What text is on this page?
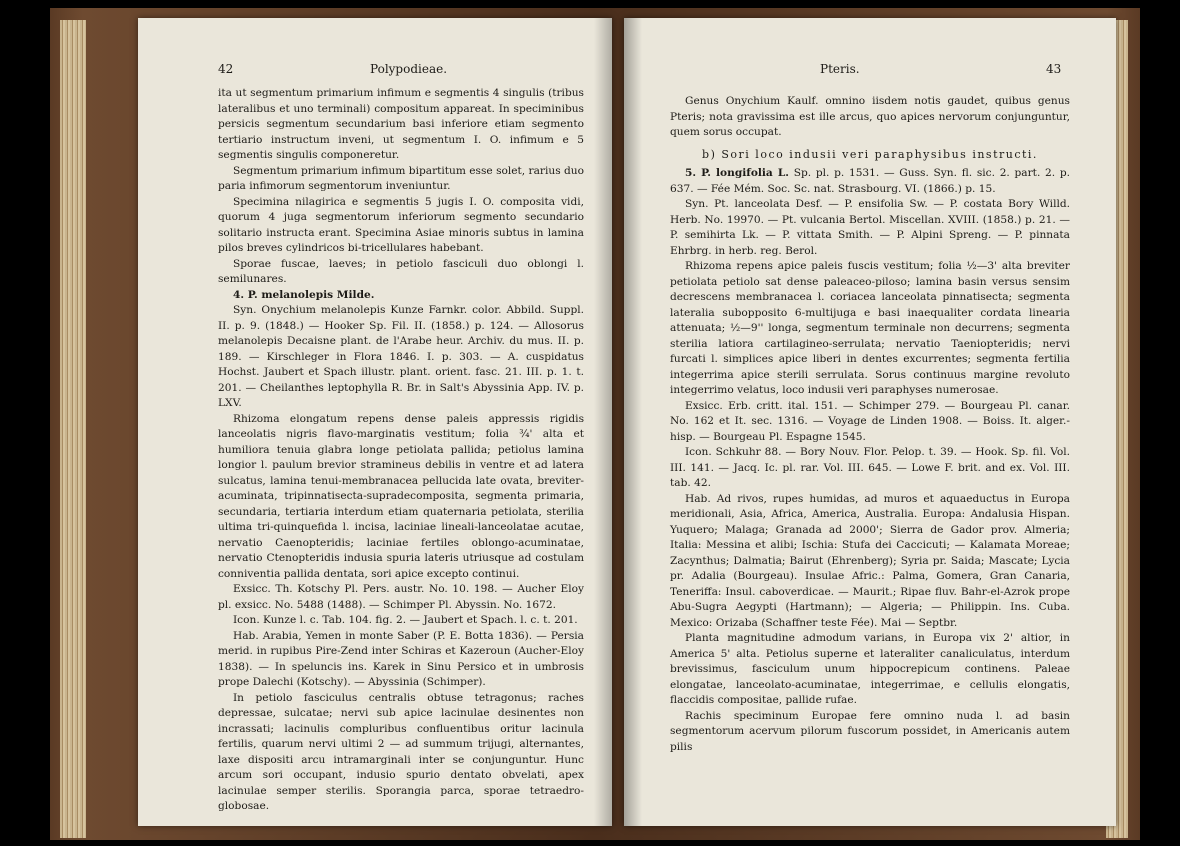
42	Polypodieae.

ita ut segmentum primarium infimum e segmentis 4 singulis (tribus lateralibus et uno terminali) compositum appareat. In speciminibus persicis segmentum secundarium basi inferiore etiam segmento tertiario instructum inveni, ut segmentum I. O. infimum e 5 segmentis singulis componeretur.

Segmentum primarium infimum bipartitum esse solet, rarius duo paria infimorum segmentorum inveniuntur.

Specimina nilagirica e segmentis 5 jugis I. O. composita vidi, quorum 4 juga segmentorum inferiorum segmento secundario solitario instructa erant. Specimina Asiae minoris subtus in lamina pilos breves cylindricos bi-tricellulares habebant.

Sporae fuscae, laeves; in petiolo fasciculi duo oblongi l. semilunares.

4. P. melanolepis Milde.

Syn. Onychium melanolepis Kunze Farnkr. color. Abbild. Suppl. II. p. 9. (1848.) — Hooker Sp. Fil. II. (1858.) p. 124. — Allosorus melanolepis Decaisne plant. de l'Arabe heur. Archiv. du mus. II. p. 189. — Kirschleger in Flora 1846. I. p. 303. — A. cuspidatus Hochst. Jaubert et Spach illustr. plant. orient. fasc. 21. III. p. 1. t. 201. — Cheilanthes leptophylla R. Br. in Salt's Abyssinia App. IV. p. LXV.

Rhizoma elongatum repens dense paleis appressis rigidis lanceolatis nigris flavo-marginatis vestitum; folia ¾' alta et humiliora tenuia glabra longe petiolata pallida; petiolus lamina longior l. paulum brevior stramineus debilis in ventre et ad latera sulcatus, lamina tenui-membranacea pellucida late ovata, breviter-acuminata, tripinnatisecta-supradecomposita, segmenta primaria, secundaria, tertiaria interdum etiam quaternaria petiolata, sterilia ultima tri-quinquefida l. incisa, laciniae lineali-lanceolatae acutae, nervatio Caenopteridis; laciniae fertiles oblongo-acuminatae, nervatio Ctenopteridis indusia spuria lateris utriusque ad costulam conniventia pallida dentata, sori apice excepto continui.

Exsicc. Th. Kotschy Pl. Pers. austr. No. 10. 198. — Aucher Eloy pl. exsicc. No. 5488 (1488). — Schimper Pl. Abyssin. No. 1672.

Icon. Kunze l. c. Tab. 104. fig. 2. — Jaubert et Spach. l. c. t. 201.

Hab. Arabia, Yemen in monte Saber (P. E. Botta 1836). — Persia merid. in rupibus Pire-Zend inter Schiras et Kazeroun (Aucher-Eloy 1838). — In speluncis ins. Karek in Sinu Persico et in umbrosis prope Dalechi (Kotschy). — Abyssinia (Schimper).

In petiolo fasciculus centralis obtuse tetragonus; raches depressae, sulcatae; nervi sub apice lacinulae desinentes non incrassati; lacinulis compluribus confluentibus oritur lacinula fertilis, quarum nervi ultimi 2 — ad summum trijugi, alternantes, laxe dispositi arcu intramarginali inter se conjunguntur. Hunc arcum sori occupant, indusio spurio dentato obvelati, apex lacinulae semper sterilis. Sporangia parca, sporae tetraedro-globosae.

Pteris.	43

Genus Onychium Kaulf. omnino iisdem notis gaudet, quibus genus Pteris; nota gravissima est ille arcus, quo apices nervorum conjunguntur, quem sorus occupat.

b) Sori loco indusii veri paraphysibus instructi.

5. P. longifolia L. Sp. pl. p. 1531. — Guss. Syn. fl. sic. 2. part. 2. p. 637. — Fée Mém. Soc. Sc. nat. Strasbourg. VI. (1866.) p. 15.

Syn. Pt. lanceolata Desf. — P. ensifolia Sw. — P. costata Bory Willd. Herb. No. 19970. — Pt. vulcania Bertol. Miscellan. XVIII. (1858.) p. 21. — P. semihirta Lk. — P. vittata Smith. — P. Alpini Spreng. — P. pinnata Ehrbrg. in herb. reg. Berol.

Rhizoma repens apice paleis fuscis vestitum; folia ½—3' alta breviter petiolata petiolo sat dense paleaceo-piloso; lamina basin versus sensim decrescens membranacea l. coriacea lanceolata pinnatisecta; segmenta lateralia subopposito 6-multijuga e basi inaequaliter cordata linearia attenuata; ½—9'' longa, segmentum terminale non decurrens; segmenta sterilia latiora cartilagineo-serrulata; nervatio Taeniopteridis; nervi furcati l. simplices apice liberi in dentes excurrentes; segmenta fertilia integerrima apice sterili serrulata. Sorus continuus margine revoluto integerrimo velatus, loco indusii veri paraphyses numerosae.

Exsicc. Erb. critt. ital. 151. — Schimper 279. — Bourgeau Pl. canar. No. 162 et It. sec. 1316. — Voyage de Linden 1908. — Boiss. It. alger.-hisp. — Bourgeau Pl. Espagne 1545.

Icon. Schkuhr 88. — Bory Nouv. Flor. Pelop. t. 39. — Hook. Sp. fil. Vol. III. 141. — Jacq. Ic. pl. rar. Vol. III. 645. — Lowe F. brit. and ex. Vol. III. tab. 42.

Hab. Ad rivos, rupes humidas, ad muros et aquaeductus in Europa meridionali, Asia, Africa, America, Australia. Europa: Andalusia Hispan. Yuquero; Malaga; Granada ad 2000'; Sierra de Gador prov. Almeria; Italia: Messina et alibi; Ischia: Stufa dei Caccicuti; — Kalamata Moreae; Zacynthus; Dalmatia; Bairut (Ehrenberg); Syria pr. Saida; Mascate; Lycia pr. Adalia (Bourgeau). Insulae Afric.: Palma, Gomera, Gran Canaria, Teneriffa: Insul. caboverdicae. — Maurit.; Ripae fluv. Bahr-el-Azrok prope Abu-Sugra Aegypti (Hartmann); — Algeria; — Philippin. Ins. Cuba. Mexico: Orizaba (Schaffner teste Fée). Mai — Septbr.

Planta magnitudine admodum varians, in Europa vix 2' altior, in America 5' alta. Petiolus superne et lateraliter canaliculatus, interdum brevissimus, fasciculum unum hippocrepicum continens. Paleae elongatae, lanceolato-acuminatae, integerrimae, e cellulis elongatis, flaccidis compositae, pallide rufae.

Rachis speciminum Europae fere omnino nuda l. ad basin segmentorum acervum pilorum fuscorum possidet, in Americanis autem pilis
